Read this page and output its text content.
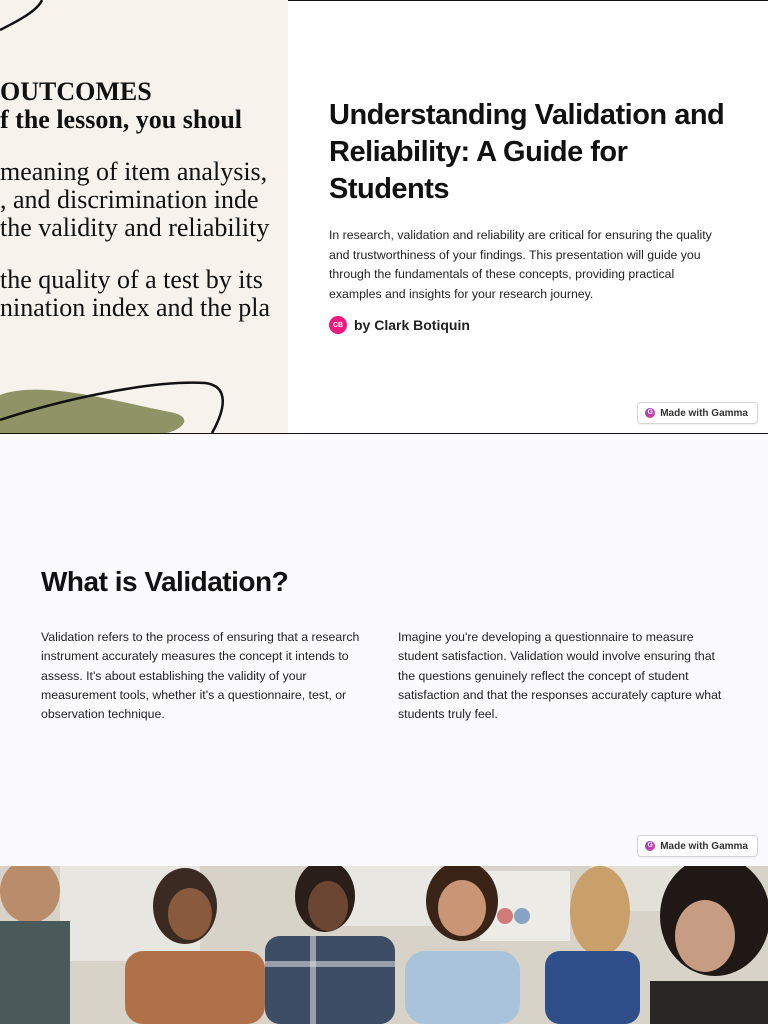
OUTCOMES
f the lesson, you shoul
meaning of item analysis,
, and discrimination inde
the validity and reliability
the quality of a test by its
nination index and the pla
Understanding Validation and Reliability: A Guide for Students

In research, validation and reliability are critical for ensuring the quality and trustworthiness of your findings. This presentation will guide you through the fundamentals of these concepts, providing practical examples and insights for your research journey.

CB by Clark Botiquin
G Made with Gamma
What is Validation?

Validation refers to the process of ensuring that a research instrument accurately measures the concept it intends to assess. It's about establishing the validity of your measurement tools, whether it's a questionnaire, test, or observation technique.

Imagine you're developing a questionnaire to measure student satisfaction. Validation would involve ensuring that the questions genuinely reflect the concept of student satisfaction and that the responses accurately capture what students truly feel.

G Made with Gamma
